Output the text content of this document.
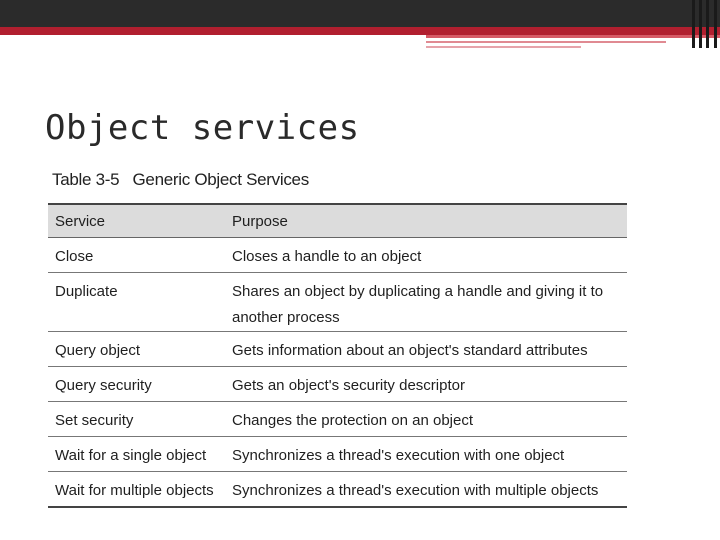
Object services
Table 3-5   Generic Object Services
Service	Purpose
Close	Closes a handle to an object
Duplicate	Shares an object by duplicating a handle and giving it to another process
Query object	Gets information about an object's standard attributes
Query security	Gets an object's security descriptor
Set security	Changes the protection on an object
Wait for a single object	Synchronizes a thread's execution with one object
Wait for multiple objects	Synchronizes a thread's execution with multiple objects
